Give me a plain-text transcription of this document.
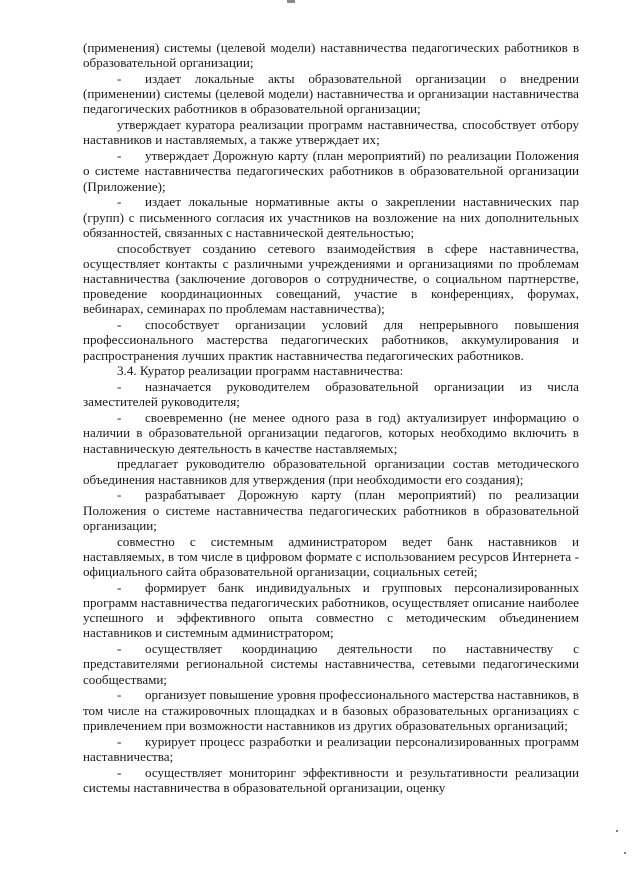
(применения) системы (целевой модели) наставничества педагогических работников в образовательной организации;

- издает локальные акты образовательной организации о внедрении (применении) системы (целевой модели) наставничества и организации наставничества педагогических работников в образовательной организации;

утверждает куратора реализации программ наставничества, способствует отбору наставников и наставляемых, а также утверждает их;

- утверждает Дорожную карту (план мероприятий) по реализации Положения о системе наставничества педагогических работников в образовательной организации (Приложение);

- издает локальные нормативные акты о закреплении наставнических пар (групп) с письменного согласия их участников на возложение на них дополнительных обязанностей, связанных с наставнической деятельностью;

способствует созданию сетевого взаимодействия в сфере наставничества, осуществляет контакты с различными учреждениями и организациями по проблемам наставничества (заключение договоров о сотрудничестве, о социальном партнерстве, проведение координационных совещаний, участие в конференциях, форумах, вебинарах, семинарах по проблемам наставничества);

- способствует организации условий для непрерывного повышения профессионального мастерства педагогических работников, аккумулирования и распространения лучших практик наставничества педагогических работников.

3.4. Куратор реализации программ наставничества:

- назначается руководителем образовательной организации из числа заместителей руководителя;

- своевременно (не менее одного раза в год) актуализирует информацию о наличии в образовательной организации педагогов, которых необходимо включить в наставническую деятельность в качестве наставляемых;

предлагает руководителю образовательной организации состав методического объединения наставников для утверждения (при необходимости его создания);

- разрабатывает Дорожную карту (план мероприятий) по реализации Положения о системе наставничества педагогических работников в образовательной организации;

совместно с системным администратором ведет банк наставников и наставляемых, в том числе в цифровом формате с использованием ресурсов Интернета - официального сайта образовательной организации, социальных сетей;

- формирует банк индивидуальных и групповых персонализированных программ наставничества педагогических работников, осуществляет описание наиболее успешного и эффективного опыта совместно с методическим объединением наставников и системным администратором;

- осуществляет координацию деятельности по наставничеству с представителями региональной системы наставничества, сетевыми педагогическими сообществами;

- организует повышение уровня профессионального мастерства наставников, в том числе на стажировочных площадках и в базовых образовательных организациях с привлечением при возможности наставников из других образовательных организаций;

- курирует процесс разработки и реализации персонализированных программ наставничества;

- осуществляет мониторинг эффективности и результативности реализации системы наставничества в образовательной организации, оценку
